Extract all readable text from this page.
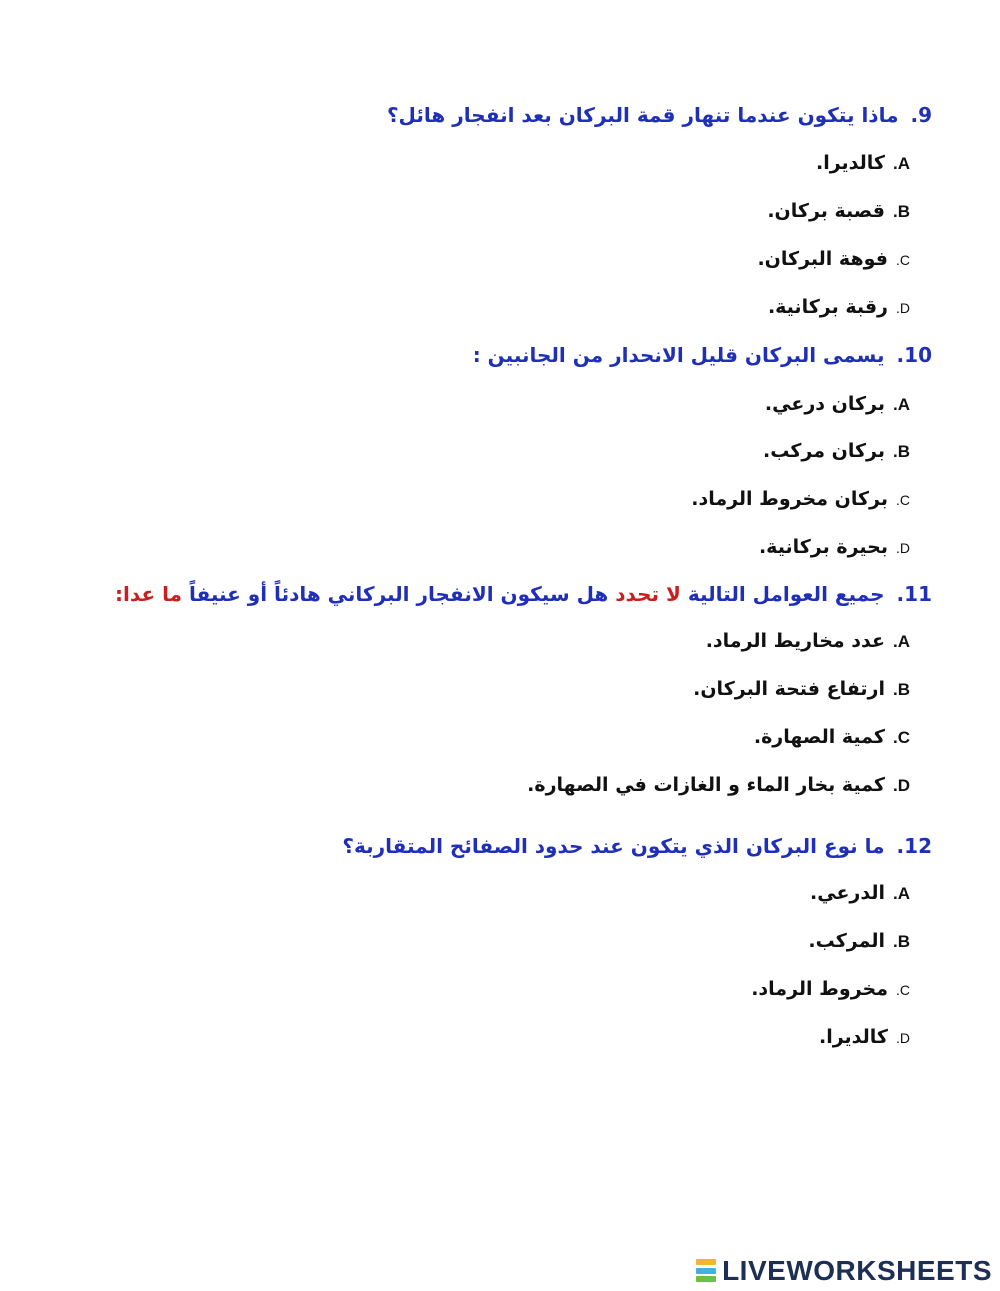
9.ماذا يتكون عندما تنهار قمة البركان بعد انفجار هائل؟
A.كالديرا.
B.قصبة بركان.
C.فوهة البركان.
D.رقبة بركانية.
10.يسمى البركان قليل الانحدار من الجانبين :
A.بركان درعي.
B.بركان مركب.
C.بركان مخروط الرماد.
D.بحيرة بركانية.
11.جميع العوامل التالية لا تحدد هل سيكون الانفجار البركاني هادئاً أو عنيفاً ما عدا:
A.عدد مخاريط الرماد.
B.ارتفاع فتحة البركان.
C.كمية الصهارة.
D.كمية بخار الماء و الغازات في الصهارة.
12.ما نوع البركان الذي يتكون عند حدود الصفائح المتقاربة؟
A.الدرعي.
B.المركب.
C.مخروط الرماد.
D.كالديرا.
LIVEWORKSHEETS
